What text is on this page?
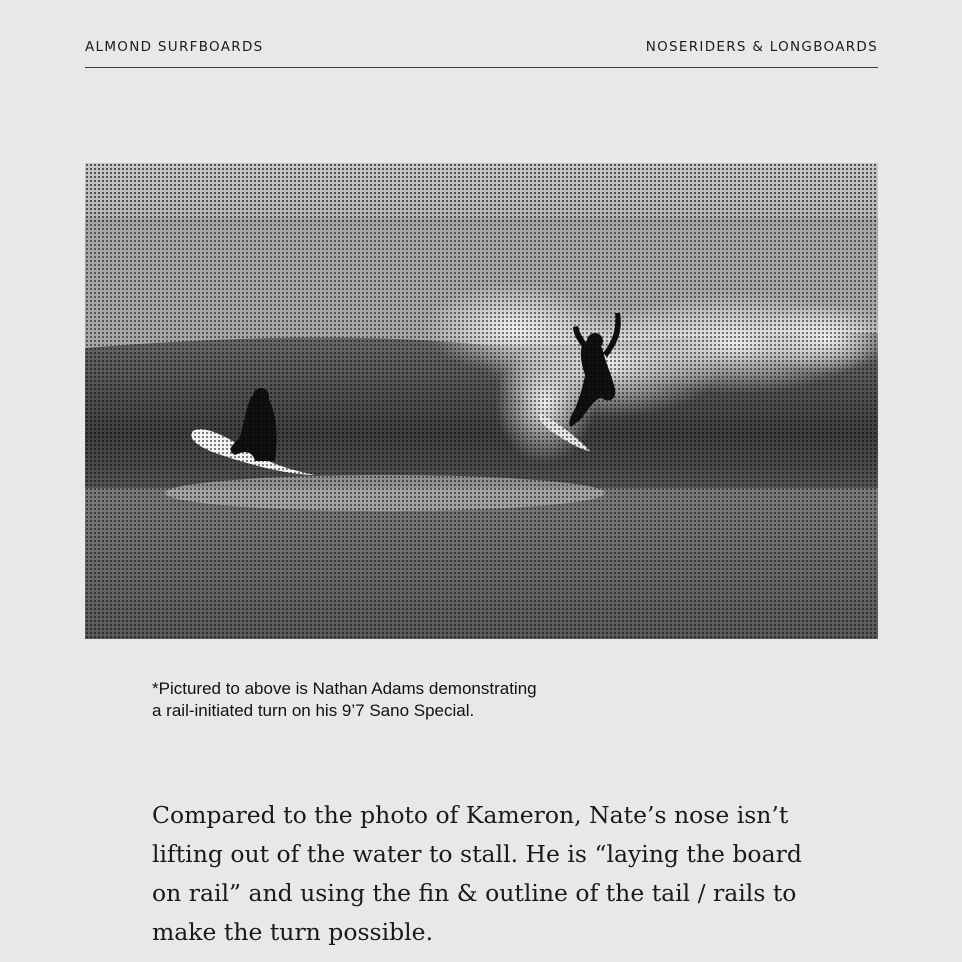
ALMOND SURFBOARDS	NOSERIDERS & LONGBOARDS
*Pictured to above is Nathan Adams demonstrating
a rail-initiated turn on his 9’7 Sano Special.
Compared to the photo of Kameron, Nate’s nose isn’t
lifting out of the water to stall. He is “laying the board
on rail” and using the fin & outline of the tail / rails to
make the turn possible.
